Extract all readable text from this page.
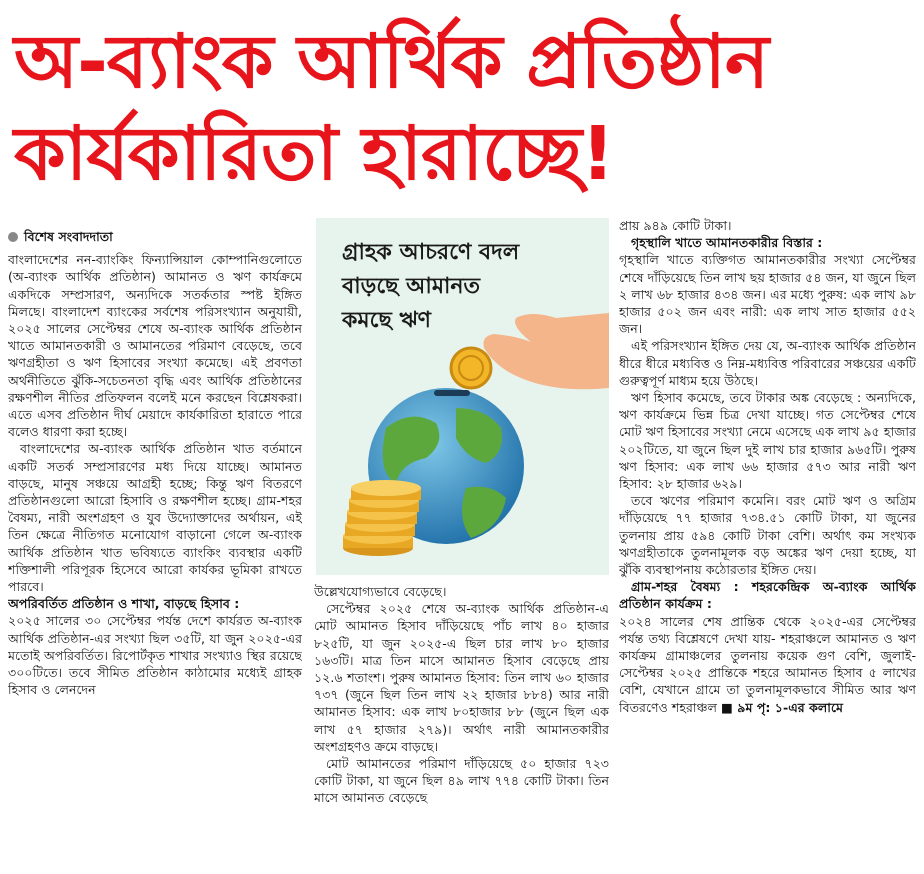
অ-ব্যাংক আর্থিক প্রতিষ্ঠান
কার্যকারিতা হারাচ্ছে!
বিশেষ সংবাদদাতা

বাংলাদেশের নন-ব্যাংকিং ফিন্যান্সিয়াল কোম্পানিগুলোতে (অ-ব্যাংক আর্থিক প্রতিষ্ঠান) আমানত ও ঋণ কার্যক্রমে একদিকে সম্প্রসারণ, অন্যদিকে সতর্কতার স্পষ্ট ইঙ্গিত মিলছে। বাংলাদেশ ব্যাংকের সর্বশেষ পরিসংখ্যান অনুযায়ী, ২০২৫ সালের সেপ্টেম্বর শেষে অ-ব্যাংক আর্থিক প্রতিষ্ঠান খাতে আমানতকারী ও আমানতের পরিমাণ বেড়েছে, তবে ঋণগ্রহীতা ও ঋণ হিসাবের সংখ্যা কমেছে। এই প্রবণতা অর্থনীতিতে ঝুঁকি-সচেতনতা বৃদ্ধি এবং আর্থিক প্রতিষ্ঠানের রক্ষণশীল নীতির প্রতিফলন বলেই মনে করছেন বিশ্লেষকরা। এতে এসব প্রতিষ্ঠান দীর্ঘ মেয়াদে কার্যকারিতা হারাতে পারে বলেও ধারণা করা হচ্ছে।

বাংলাদেশের অ-ব্যাংক আর্থিক প্রতিষ্ঠান খাত বর্তমানে একটি সতর্ক সম্প্রসারণের মধ্য দিয়ে যাচ্ছে। আমানত বাড়ছে, মানুষ সঞ্চয়ে আগ্রহী হচ্ছে; কিন্তু ঋণ বিতরণে প্রতিষ্ঠানগুলো আরো হিসাবি ও রক্ষণশীল হচ্ছে। গ্রাম-শহর বৈষম্য, নারী অংশগ্রহণ ও যুব উদ্যোক্তাদের অর্থায়ন, এই তিন ক্ষেত্রে নীতিগত মনোযোগ বাড়ানো গেলে অ-ব্যাংক আর্থিক প্রতিষ্ঠান খাত ভবিষ্যতে ব্যাংকিং ব্যবস্থার একটি শক্তিশালী পরিপূরক হিসেবে আরো কার্যকর ভূমিকা রাখতে পারবে।

অপরিবর্তিত প্রতিষ্ঠান ও শাখা, বাড়ছে হিসাব :

২০২৫ সালের ৩০ সেপ্টেম্বর পর্যন্ত দেশে কার্যরত অ-ব্যাংক আর্থিক প্রতিষ্ঠান-এর সংখ্যা ছিল ৩৫টি, যা জুন ২০২৫-এর মতোই অপরিবর্তিত। রিপোর্টকৃত শাখার সংখ্যাও স্থির রয়েছে ৩০০টিতে। তবে সীমিত প্রতিষ্ঠান কাঠামোর মধ্যেই গ্রাহক হিসাব ও লেনদেন

গ্রাহক আচরণে বদল
বাড়ছে আমানত
কমছে ঋণ

উল্লেখযোগ্যভাবে বেড়েছে।

সেপ্টেম্বর ২০২৫ শেষে অ-ব্যাংক আর্থিক প্রতিষ্ঠান-এ মোট আমানত হিসাব দাঁড়িয়েছে পাঁচ লাখ ৪০ হাজার ৮২৫টি, যা জুন ২০২৫-এ ছিল চার লাখ ৮০ হাজার ১৬৩টি। মাত্র তিন মাসে আমানত হিসাব বেড়েছে প্রায় ১২.৬ শতাংশ। পুরুষ আমানত হিসাব: তিন লাখ ৬০ হাজার ৭৩৭ (জুনে ছিল তিন লাখ ২২ হাজার ৮৮৪) আর নারী আমানত হিসাব: এক লাখ ৮০হাজার ৮৮ (জুনে ছিল এক লাখ ৫৭ হাজার ২৭৯)। অর্থাৎ নারী আমানতকারীর অংশগ্রহণও ক্রমে বাড়ছে।

মোট আমানতের পরিমাণ দাঁড়িয়েছে ৫০ হাজার ৭২৩ কোটি টাকা, যা জুনে ছিল ৪৯ লাখ ৭৭৪ কোটি টাকা। তিন মাসে আমানত বেড়েছে

প্রায় ৯৪৯ কোটি টাকা।

গৃহস্থালি খাতে আমানতকারীর বিস্তার :

গৃহস্থালি খাতে ব্যক্তিগত আমানতকারীর সংখ্যা সেপ্টেম্বর শেষে দাঁড়িয়েছে তিন লাখ ছয় হাজার ৫৪ জন, যা জুনে ছিল ২ লাখ ৬৮ হাজার ৪৩৪ জন। এর মধ্যে পুরুষ: এক লাখ ৯৮ হাজার ৫০২ জন এবং নারী: এক লাখ সাত হাজার ৫৫২ জন।

এই পরিসংখ্যান ইঙ্গিত দেয় যে, অ-ব্যাংক আর্থিক প্রতিষ্ঠান ধীরে ধীরে মধ্যবিত্ত ও নিম্ন-মধ্যবিত্ত পরিবারের সঞ্চয়ের একটি গুরুত্বপূর্ণ মাধ্যম হয়ে উঠছে।

ঋণ হিসাব কমেছে, তবে টাকার অঙ্ক বেড়েছে : অন্যদিকে, ঋণ কার্যক্রমে ভিন্ন চিত্র দেখা যাচ্ছে। গত সেপ্টেম্বর শেষে মোট ঋণ হিসাবের সংখ্যা নেমে এসেছে এক লাখ ৯৫ হাজার ২০২টিতে, যা জুনে ছিল দুই লাখ চার হাজার ৯৬৫টি। পুরুষ ঋণ হিসাব: এক লাখ ৬৬ হাজার ৫৭৩ আর নারী ঋণ হিসাব: ২৮ হাজার ৬২৯।

তবে ঋণের পরিমাণ কমেনি। বরং মোট ঋণ ও অগ্রিম দাঁড়িয়েছে ৭৭ হাজার ৭৩৪.৫১ কোটি টাকা, যা জুনের তুলনায় প্রায় ৫৯৪ কোটি টাকা বেশি। অর্থাৎ কম সংখ্যক ঋণগ্রহীতাকে তুলনামূলক বড় অঙ্কের ঋণ দেয়া হচ্ছে, যা ঝুঁকি ব্যবস্থাপনায় কঠোরতার ইঙ্গিত দেয়।

গ্রাম-শহর বৈষম্য : শহরকেন্দ্রিক অ-ব্যাংক আর্থিক প্রতিষ্ঠান কার্যক্রম :

২০২৪ সালের শেষ প্রান্তিক থেকে ২০২৫-এর সেপ্টেম্বর পর্যন্ত তথ্য বিশ্লেষণে দেখা যায়- শহরাঞ্চলে আমানত ও ঋণ কার্যক্রম গ্রামাঞ্চলের তুলনায় কয়েক গুণ বেশি, জুলাই-সেপ্টেম্বর ২০২৫ প্রান্তিকে শহরে আমানত হিসাব ৫ লাখের বেশি, যেখানে গ্রামে তা তুলনামূলকভাবে সীমিত আর ঋণ বিতরণেও শহরাঞ্চল ■ ৯ম পৃ: ১-এর কলামে
